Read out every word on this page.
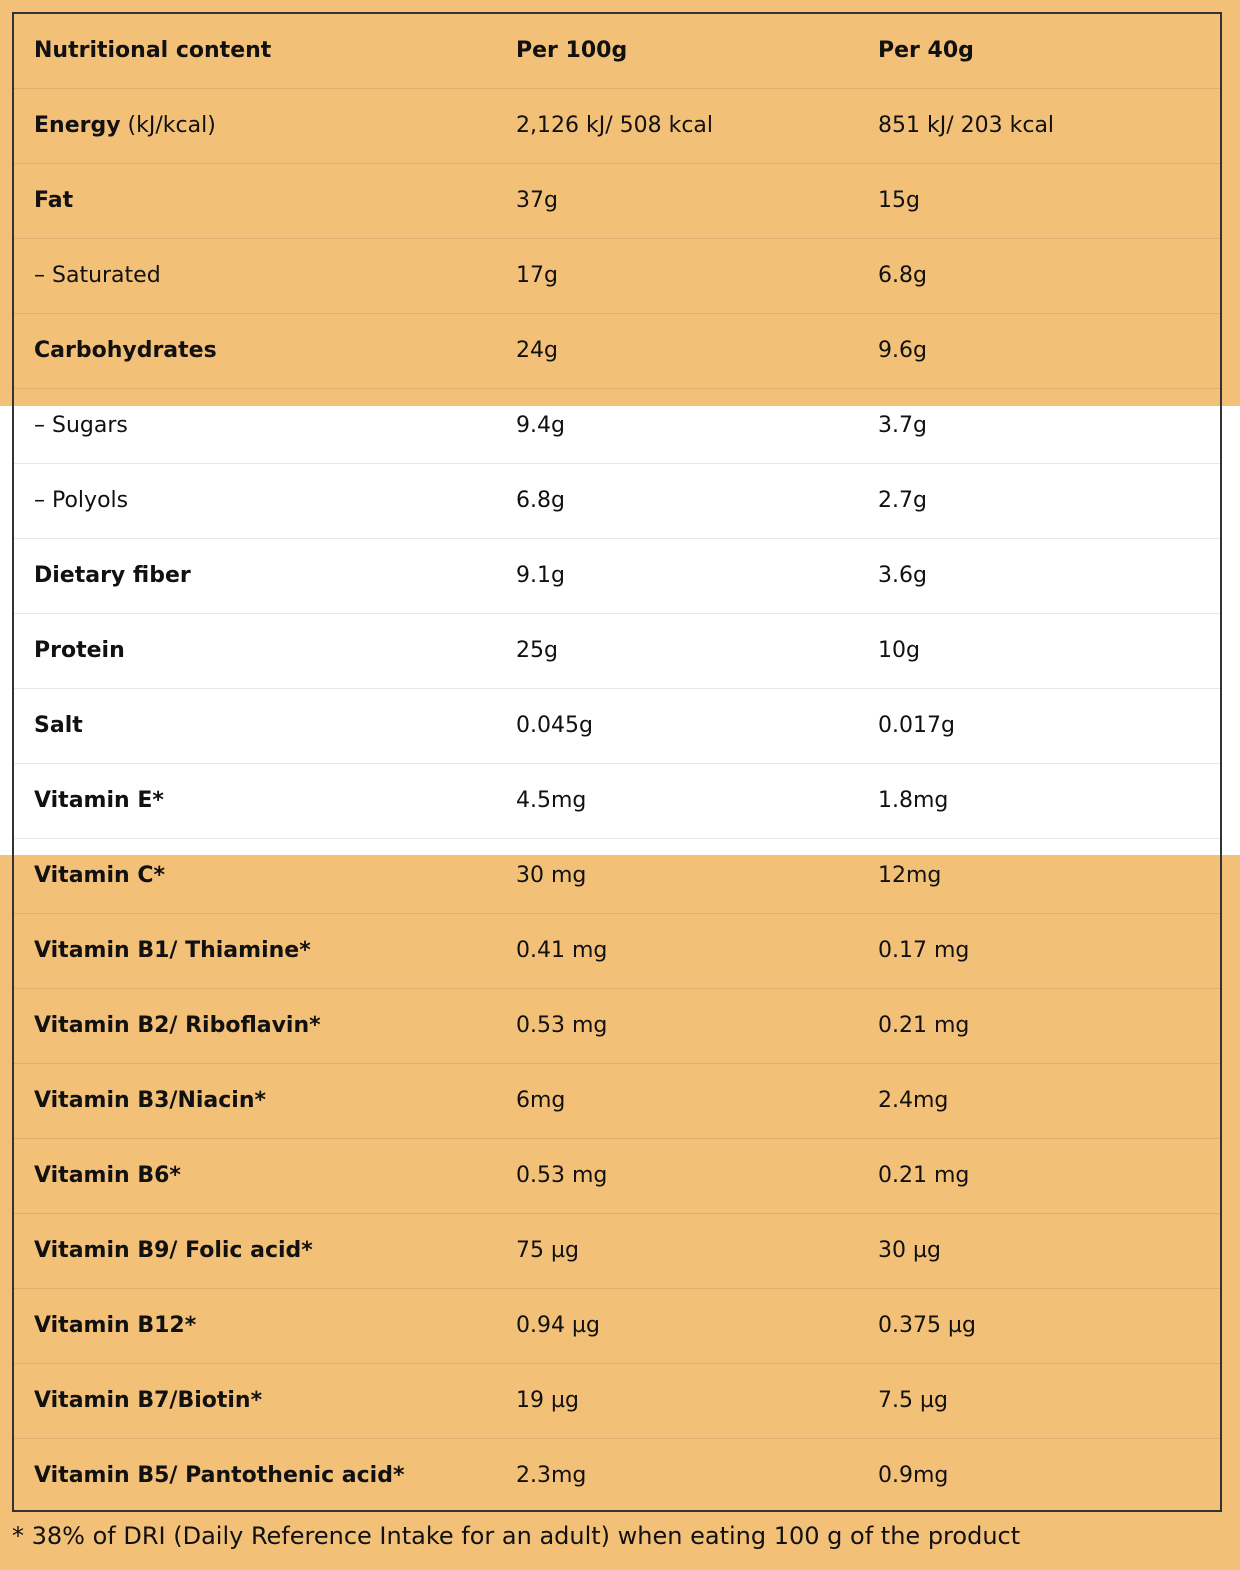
Nutritional content	Per 100g	Per 40g
Energy (kJ/kcal)	2,126 kJ/ 508 kcal	851 kJ/ 203 kcal
Fat	37g	15g
– Saturated	17g	6.8g
Carbohydrates	24g	9.6g
– Sugars	9.4g	3.7g
– Polyols	6.8g	2.7g
Dietary fiber	9.1g	3.6g
Protein	25g	10g
Salt	0.045g	0.017g
Vitamin E*	4.5mg	1.8mg
Vitamin C*	30 mg	12mg
Vitamin B1/ Thiamine*	0.41 mg	0.17 mg
Vitamin B2/ Riboflavin*	0.53 mg	0.21 mg
Vitamin B3/Niacin*	6mg	2.4mg
Vitamin B6*	0.53 mg	0.21 mg
Vitamin B9/ Folic acid*	75 µg	30 µg
Vitamin B12*	0.94 µg	0.375 µg
Vitamin B7/Biotin*	19 µg	7.5 µg
Vitamin B5/ Pantothenic acid*	2.3mg	0.9mg
* 38% of DRI (Daily Reference Intake for an adult) when eating 100 g of the product
